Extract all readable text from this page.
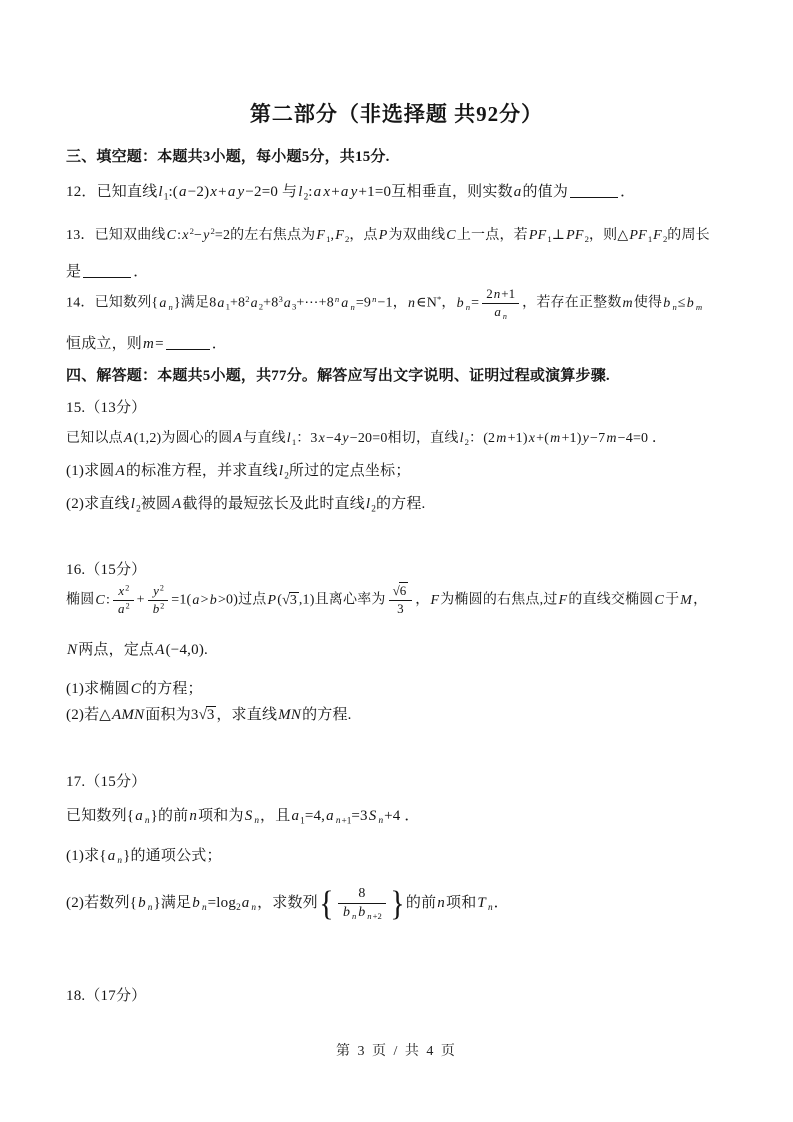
第二部分（非选择题 共92分）
三、填空题：本题共3小题，每小题5分，共15分.
12．已知直线$l_1:(a-2)x+a$ y−2=0 与$l_2:a$ x+a y+1=0互相垂直，则实数a的值为	．
13．已知双曲线$C:x^2-y^2=2$的左右焦点为$F_1,F_2$，点P为双曲线C上一点，若$PF_1\perp PF_2$，则$\triangle PF_1F_2$的周长
是	．
14．已知数列{a $_n$}满足$8a_1+8^2a_2+8^3a_3+\cdots+8^n$ a $_n=9^n-1$，n∈N*，b $_n= \frac{2n+1}{a _n}$ ，若存在正整数m使得b $_n$≤b $_m$
恒成立，则m=	．
四、解答题：本题共5小题，共77分。解答应写出文字说明、证明过程或演算步骤.
15.（13分）
已知以点A(1,2)为圆心的圆A与直线$l_1$：3x−4y−20=0相切，直线$l_2$：(2m+1)x+(m+1)y−7m−4=0 ．
(1)求圆A的标准方程，并求直线$l_2$所过的定点坐标；
(2)求直线$l_2$被圆A截得的最短弦长及此时直线$l_2$的方程.
16.（15分）
椭圆C: $\frac{x^2}{a^2} + \frac{y^2}{b^2} =1(a>b>0)$过点P(√3 ,1)且离心率为 $\frac{√6}{3}$ ，F为椭圆的右焦点,过F的直线交椭圆C于M，
N两点，定点A(−4,0).
(1)求椭圆C的方程；
(2)若△AMN面积为3√3 ，求直线MN的方程.
17.（15分）
已知数列{a $_n$}的前n项和为S $_n$，且$a_1=4,a$ $_{n+1}$=3S $_n$+4 ．
(1)求{a $_n$}的通项公式；
(2)若数列{b $_n$}满足b $_n=\log_2a$ $_n$，求数列{ $\frac{8}{b _n b _{n+2}}$ }的前n项和T $_n$．
18.（17分）
第 3 页 / 共 4 页
